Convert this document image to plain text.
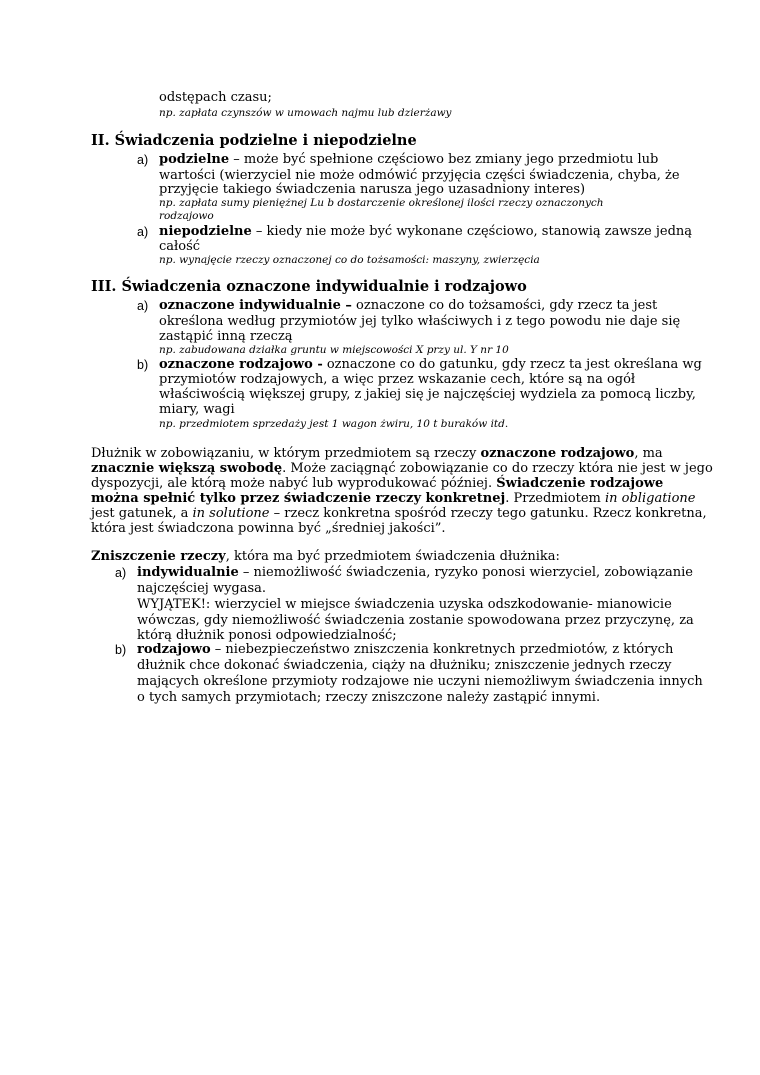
odstępach czasu;
np. zapłata czynszów w umowach najmu lub dzierżawy
II. Świadczenia podzielne i niepodzielne
a) podzielne – może być spełnione częściowo bez zmiany jego przedmiotu lub
wartości (wierzyciel nie może odmówić przyjęcia części świadczenia, chyba, że
przyjęcie takiego świadczenia narusza jego uzasadniony interes)
np. zapłata sumy pieniężnej Lu b dostarczenie określonej ilości rzeczy oznaczonych
rodzajowo
a) niepodzielne – kiedy nie może być wykonane częściowo, stanowią zawsze jedną
całość
np. wynajęcie rzeczy oznaczonej co do tożsamości: maszyny, zwierzęcia
III. Świadczenia oznaczone indywidualnie i rodzajowo
a) oznaczone indywidualnie – oznaczone co do tożsamości, gdy rzecz ta jest
określona według przymiotów jej tylko właściwych i z tego powodu nie daje się
zastąpić inną rzeczą
np. zabudowana działka gruntu w miejscowości X przy ul. Y nr 10
b) oznaczone rodzajowo - oznaczone co do gatunku, gdy rzecz ta jest określana wg
przymiotów rodzajowych, a więc przez wskazanie cech, które są na ogół
właściwością większej grupy, z jakiej się je najczęściej wydziela za pomocą liczby,
miary, wagi
np. przedmiotem sprzedaży jest 1 wagon żwiru, 10 t buraków itd.
Dłużnik w zobowiązaniu, w którym przedmiotem są rzeczy oznaczone rodzajowo, ma
znacznie większą swobodę. Może zaciągnąć zobowiązanie co do rzeczy która nie jest w jego
dyspozycji, ale którą może nabyć lub wyprodukować później. Świadczenie rodzajowe
można spełnić tylko przez świadczenie rzeczy konkretnej. Przedmiotem in obligatione
jest gatunek, a in solutione – rzecz konkretna spośród rzeczy tego gatunku. Rzecz konkretna,
która jest świadczona powinna być „średniej jakości”.
Zniszczenie rzeczy, która ma być przedmiotem świadczenia dłużnika:
a) indywidualnie – niemożliwość świadczenia, ryzyko ponosi wierzyciel, zobowiązanie
najczęściej wygasa.
WYJĄTEK!: wierzyciel w miejsce świadczenia uzyska odszkodowanie- mianowicie
wówczas, gdy niemożliwość świadczenia zostanie spowodowana przez przyczynę, za
którą dłużnik ponosi odpowiedzialność;
b) rodzajowo – niebezpieczeństwo zniszczenia konkretnych przedmiotów, z których
dłużnik chce dokonać świadczenia, ciąży na dłużniku; zniszczenie jednych rzeczy
mających określone przymioty rodzajowe nie uczyni niemożliwym świadczenia innych
o tych samych przymiotach; rzeczy zniszczone należy zastąpić innymi.
